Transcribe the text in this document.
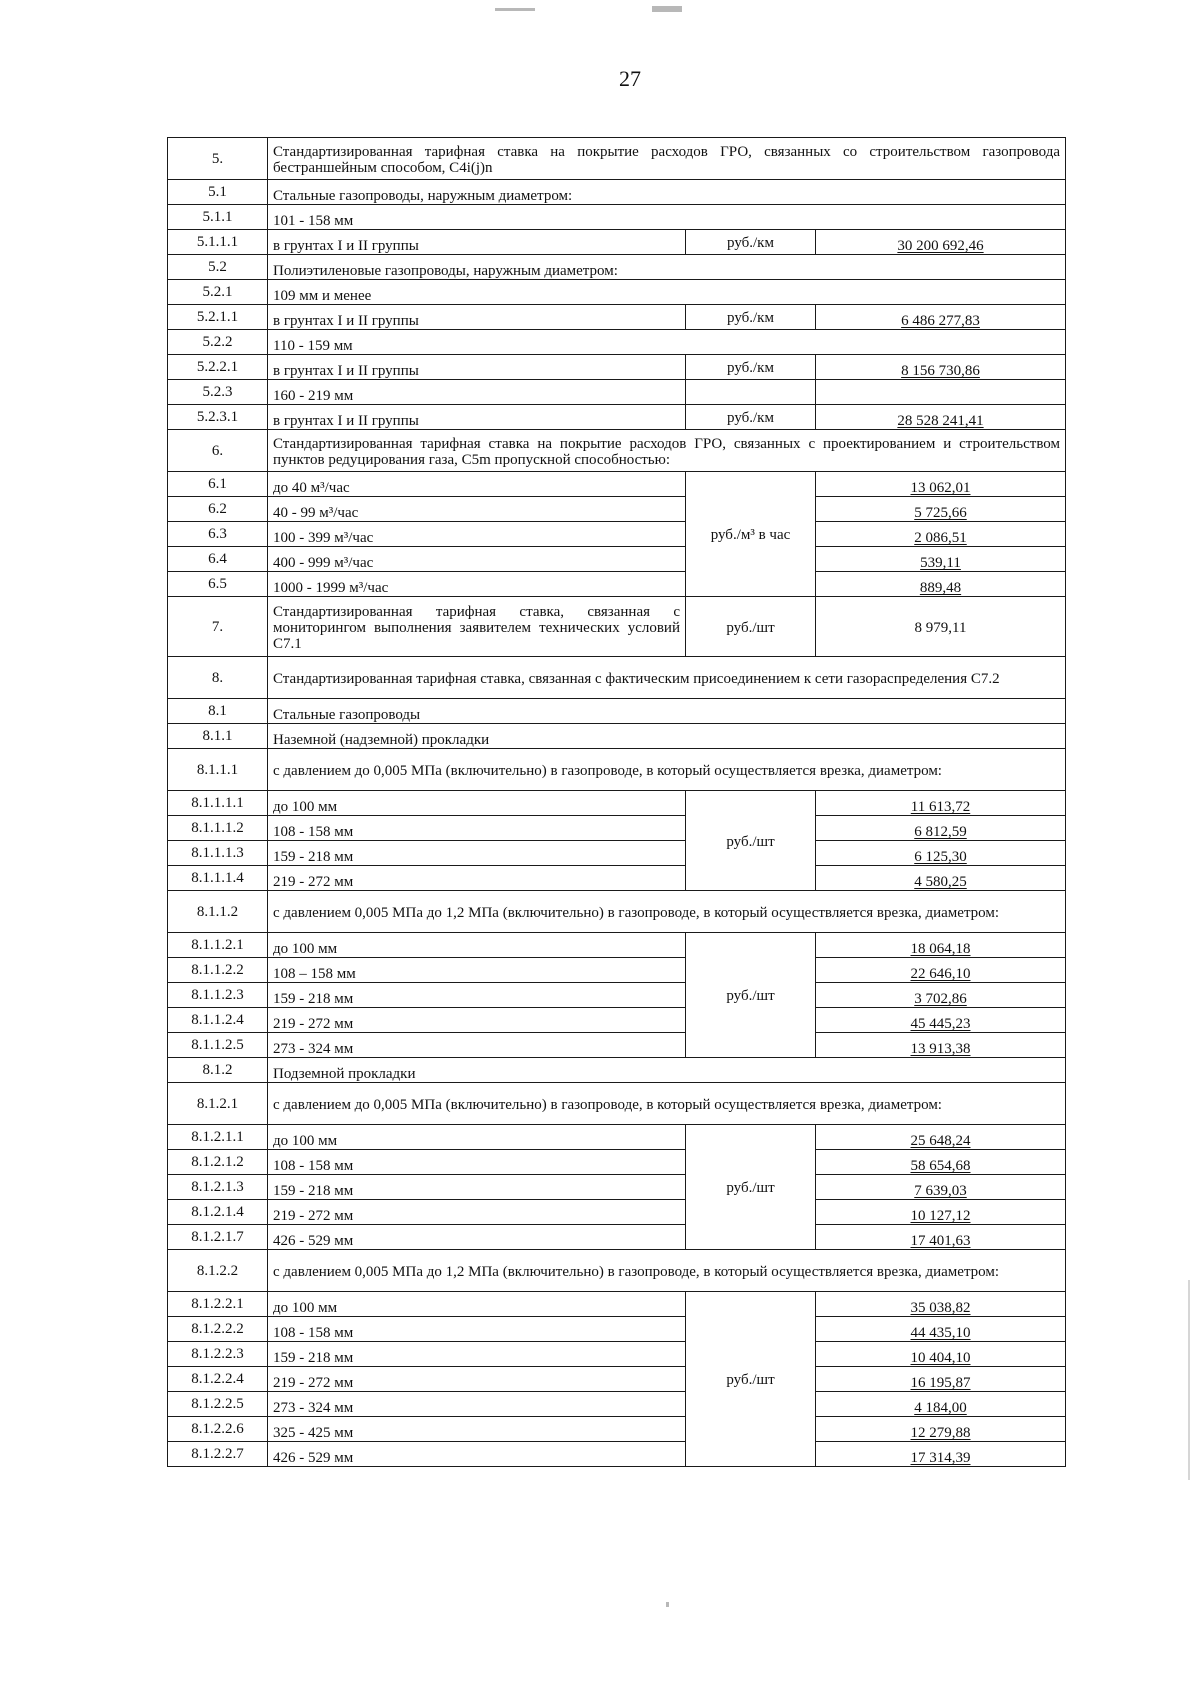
27
5.	Стандартизированная тарифная ставка на покрытие расходов ГРО, связанных со строительством газопровода бестраншейным способом, C4i(j)n		
5.1	Стальные газопроводы, наружным диаметром:		
5.1.1	101 - 158 мм		
5.1.1.1	в грунтах I и II группы	руб./км	30 200 692,46
5.2	Полиэтиленовые газопроводы, наружным диаметром:		
5.2.1	109 мм и менее		
5.2.1.1	в грунтах I и II группы	руб./км	6 486 277,83
5.2.2	110 - 159 мм		
5.2.2.1	в грунтах I и II группы	руб./км	8 156 730,86
5.2.3	160 - 219 мм		
5.2.3.1	в грунтах I и II группы	руб./км	28 528 241,41
6.	Стандартизированная тарифная ставка на покрытие расходов ГРО, связанных с проектированием и строительством пунктов редуцирования газа, C5m пропускной способностью:		
6.1	до 40 м³/час	руб./м³ в час	13 062,01
6.2	40 - 99 м³/час		5 725,66
6.3	100 - 399 м³/час		2 086,51
6.4	400 - 999 м³/час		539,11
6.5	1000 - 1999 м³/час		889,48
7.	Стандартизированная тарифная ставка, связанная с мониторингом выполнения заявителем технических условий C7.1	руб./шт	8 979,11
8.	Стандартизированная тарифная ставка, связанная с фактическим присоединением к сети газораспределения C7.2		
8.1	Стальные газопроводы		
8.1.1	Наземной (надземной) прокладки		
8.1.1.1	с давлением до 0,005 МПа (включительно) в газопроводе, в который осуществляется врезка, диаметром:		
8.1.1.1.1	до 100 мм	руб./шт	11 613,72
8.1.1.1.2	108 - 158 мм		6 812,59
8.1.1.1.3	159 - 218 мм		6 125,30
8.1.1.1.4	219 - 272 мм		4 580,25
8.1.1.2	с давлением 0,005 МПа до 1,2 МПа (включительно) в газопроводе, в который осуществляется врезка, диаметром:		
8.1.1.2.1	до 100 мм	руб./шт	18 064,18
8.1.1.2.2	108 – 158 мм		22 646,10
8.1.1.2.3	159 - 218 мм		3 702,86
8.1.1.2.4	219 - 272 мм		45 445,23
8.1.1.2.5	273 - 324 мм		13 913,38
8.1.2	Подземной прокладки		
8.1.2.1	с давлением до 0,005 МПа (включительно) в газопроводе, в который осуществляется врезка, диаметром:		
8.1.2.1.1	до 100 мм	руб./шт	25 648,24
8.1.2.1.2	108 - 158 мм		58 654,68
8.1.2.1.3	159 - 218 мм		7 639,03
8.1.2.1.4	219 - 272 мм		10 127,12
8.1.2.1.7	426 - 529 мм		17 401,63
8.1.2.2	с давлением 0,005 МПа до 1,2 МПа (включительно) в газопроводе, в который осуществляется врезка, диаметром:		
8.1.2.2.1	до 100 мм	руб./шт	35 038,82
8.1.2.2.2	108 - 158 мм		44 435,10
8.1.2.2.3	159 - 218 мм		10 404,10
8.1.2.2.4	219 - 272 мм		16 195,87
8.1.2.2.5	273 - 324 мм		4 184,00
8.1.2.2.6	325 - 425 мм		12 279,88
8.1.2.2.7	426 - 529 мм		17 314,39
